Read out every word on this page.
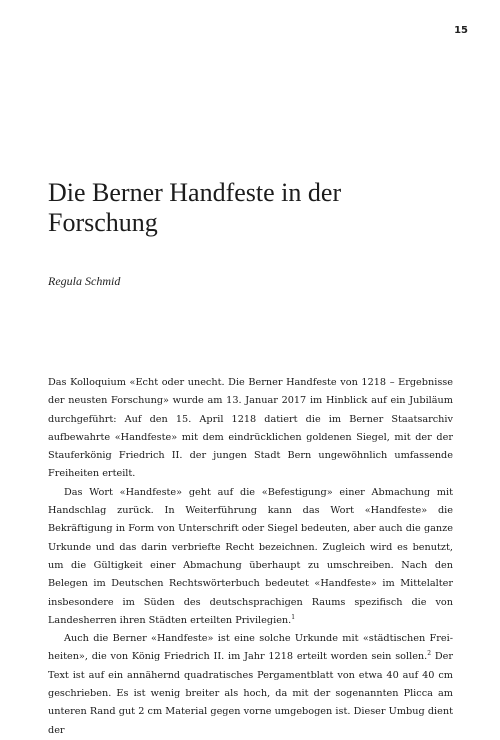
15
Die Berner Handfeste in der Forschung

Regula Schmid

Das Kolloquium «Echt oder unecht. Die Berner Handfeste von 1218 – Ergebnisse der neusten Forschung» wurde am 13. Januar 2017 im Hinblick auf ein Jubiläum durchgeführt: Auf den 15. April 1218 datiert die im Berner Staatsarchiv aufbewahrte «Handfeste» mit dem eindrücklichen goldenen Siegel, mit der der Stauferkönig Friedrich II. der jungen Stadt Bern ungewöhnlich umfassende Freiheiten erteilt.

Das Wort «Handfeste» geht auf die «Befestigung» einer Abmachung mit Handschlag zurück. In Weiterführung kann das Wort «Handfeste» die Bekräftigung in Form von Unterschrift oder Siegel bedeuten, aber auch die ganze Urkunde und das darin verbriefte Recht bezeichnen. Zugleich wird es benutzt, um die Gültigkeit einer Abmachung überhaupt zu umschreiben. Nach den Belegen im Deutschen Rechtswörterbuch bedeutet «Handfeste» im Mittelalter insbesondere im Süden des deutschsprachigen Raums spezifisch die von Landesherren ihren Städten erteilten Privilegien.$^1$

Auch die Berner «Handfeste» ist eine solche Urkunde mit «städtischen Freiheiten», die von König Friedrich II. im Jahr 1218 erteilt worden sein sollen.$^2$ Der Text ist auf ein annähernd quadratisches Pergamentblatt von etwa 40 auf 40 cm geschrieben. Es ist wenig breiter als hoch, da mit der sogenannten Plicca am unteren Rand gut 2 cm Material gegen vorne umgebogen ist. Dieser Umbug dient der
